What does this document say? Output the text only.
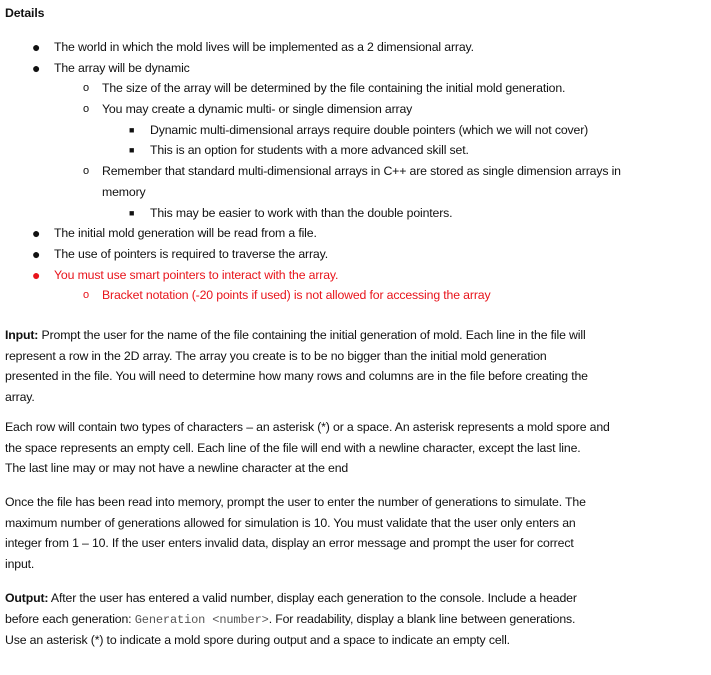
Details
● The world in which the mold lives will be implemented as a 2 dimensional array.
● The array will be dynamic
o The size of the array will be determined by the file containing the initial mold generation.
o You may create a dynamic multi- or single dimension array
■ Dynamic multi-dimensional arrays require double pointers (which we will not cover)
■ This is an option for students with a more advanced skill set.
o Remember that standard multi-dimensional arrays in C++ are stored as single dimension arrays in
memory
■ This may be easier to work with than the double pointers.
● The initial mold generation will be read from a file.
● The use of pointers is required to traverse the array.
● You must use smart pointers to interact with the array.
o Bracket notation (-20 points if used) is not allowed for accessing the array

Input: Prompt the user for the name of the file containing the initial generation of mold. Each line in the file will

represent a row in the 2D array. The array you create is to be no bigger than the initial mold generation

presented in the file. You will need to determine how many rows and columns are in the file before creating the

array.

Each row will contain two types of characters – an asterisk (*) or a space. An asterisk represents a mold spore and

the space represents an empty cell. Each line of the file will end with a newline character, except the last line.

The last line may or may not have a newline character at the end

Once the file has been read into memory, prompt the user to enter the number of generations to simulate. The

maximum number of generations allowed for simulation is 10. You must validate that the user only enters an

integer from 1 – 10. If the user enters invalid data, display an error message and prompt the user for correct

input.

Output: After the user has entered a valid number, display each generation to the console. Include a header

before each generation: Generation <number>. For readability, display a blank line between generations.

Use an asterisk (*) to indicate a mold spore during output and a space to indicate an empty cell.
